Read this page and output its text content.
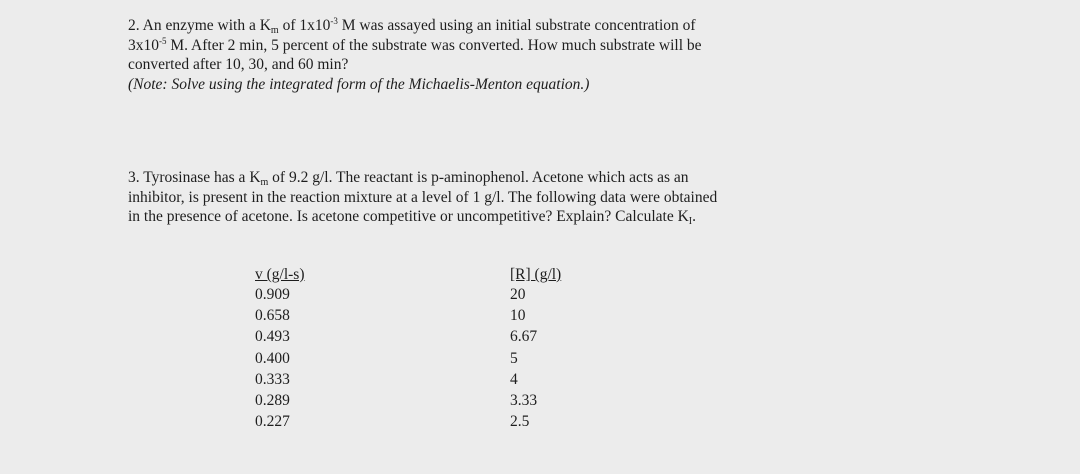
2. An enzyme with a $K_m$ of $1x10^{-3}$ M was assayed using an initial substrate concentration of
$3x10^{-5}$ M. After 2 min, 5 percent of the substrate was converted. How much substrate will be
converted after 10, 30, and 60 min?
(Note: Solve using the integrated form of the Michaelis-Menton equation.)
3. Tyrosinase has a $K_m$ of 9.2 g/l. The reactant is p-aminophenol. Acetone which acts as an
inhibitor, is present in the reaction mixture at a level of 1 g/l. The following data were obtained
in the presence of acetone. Is acetone competitive or uncompetitive? Explain? Calculate $K_I$.
v (g/l-s)
0.909
0.658
0.493
0.400
0.333
0.289
0.227
[R] (g/l)
20
10
6.67
5
4
3.33
2.5
